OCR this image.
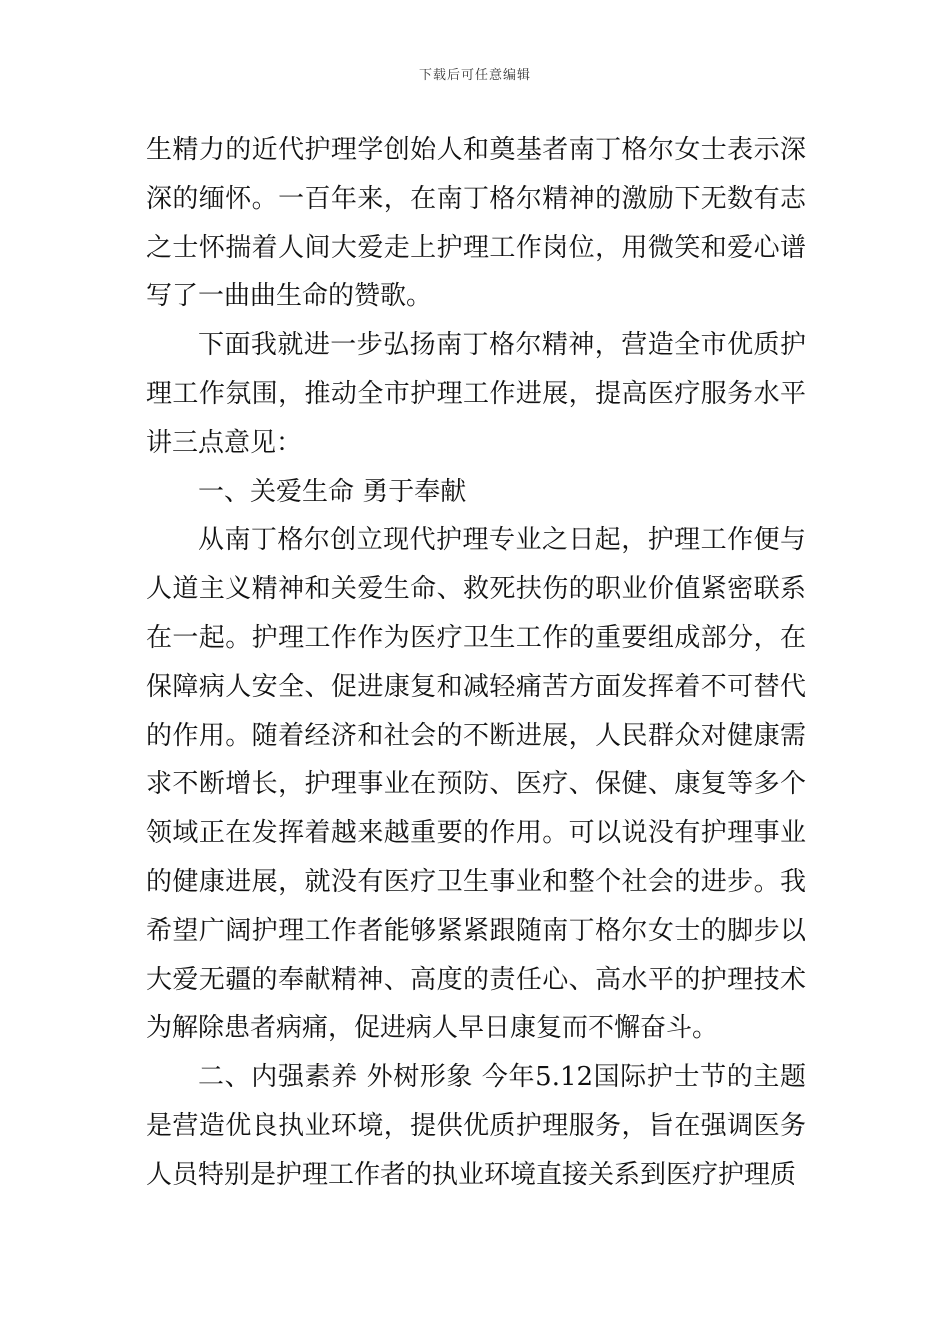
下载后可任意编辑

生精力的近代护理学创始人和奠基者南丁格尔女士表示深深的缅怀。一百年来，在南丁格尔精神的激励下无数有志之士怀揣着人间大爱走上护理工作岗位，用微笑和爱心谱写了一曲曲生命的赞歌。

下面我就进一步弘扬南丁格尔精神，营造全市优质护理工作氛围，推动全市护理工作进展，提高医疗服务水平讲三点意见：

一、关爱生命 勇于奉献

从南丁格尔创立现代护理专业之日起，护理工作便与人道主义精神和关爱生命、救死扶伤的职业价值紧密联系在一起。护理工作作为医疗卫生工作的重要组成部分，在保障病人安全、促进康复和减轻痛苦方面发挥着不可替代的作用。随着经济和社会的不断进展，人民群众对健康需求不断增长，护理事业在预防、医疗、保健、康复等多个领域正在发挥着越来越重要的作用。可以说没有护理事业的健康进展，就没有医疗卫生事业和整个社会的进步。我希望广阔护理工作者能够紧紧跟随南丁格尔女士的脚步以大爱无疆的奉献精神、高度的责任心、高水平的护理技术为解除患者病痛，促进病人早日康复而不懈奋斗。

二、内强素养 外树形象 今年5.12国际护士节的主题是营造优良执业环境，提供优质护理服务，旨在强调医务人员特别是护理工作者的执业环境直接关系到医疗护理质
